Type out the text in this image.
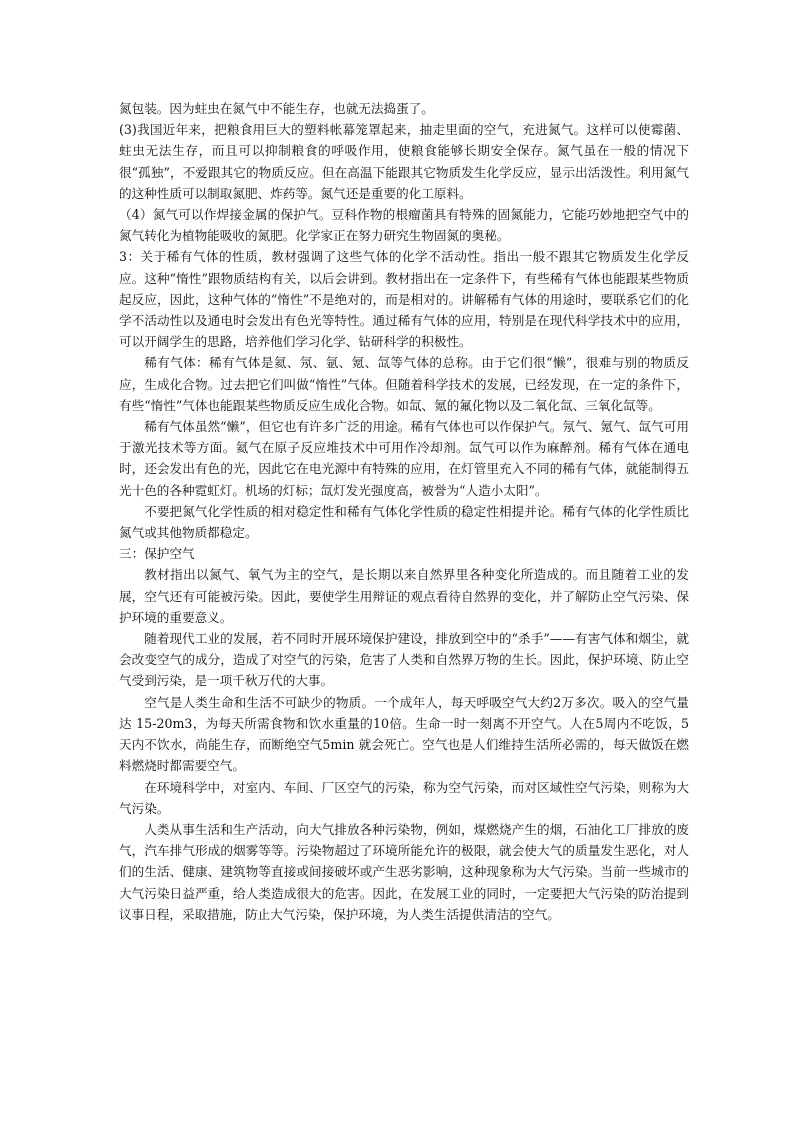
氮包装。因为蛀虫在氮气中不能生存，也就无法捣蛋了。

(3)我国近年来，把粮食用巨大的塑料帐幕笼罩起来，抽走里面的空气，充进氮气。这样可以使霉菌、蛀虫无法生存，而且可以抑制粮食的呼吸作用，使粮食能够长期安全保存。氮气虽在一般的情况下很“孤独”，不爱跟其它的物质反应。但在高温下能跟其它物质发生化学反应，显示出活泼性。利用氮气的这种性质可以制取氮肥、炸药等。氮气还是重要的化工原料。

（4）氮气可以作焊接金属的保护气。豆科作物的根瘤菌具有特殊的固氮能力，它能巧妙地把空气中的氮气转化为植物能吸收的氮肥。化学家正在努力研究生物固氮的奥秘。

3：关于稀有气体的性质，教材强调了这些气体的化学不活动性。指出一般不跟其它物质发生化学反应。这种“惰性”跟物质结构有关，以后会讲到。教材指出在一定条件下，有些稀有气体也能跟某些物质起反应，因此，这种气体的“惰性”不是绝对的，而是相对的。讲解稀有气体的用途时，要联系它们的化学不活动性以及通电时会发出有色光等特性。通过稀有气体的应用，特别是在现代科学技术中的应用，可以开阔学生的思路，培养他们学习化学、钻研科学的积极性。

稀有气体：稀有气体是氦、氖、氩、氪、氙等气体的总称。由于它们很“懒”，很难与别的物质反应，生成化合物。过去把它们叫做“惰性”气体。但随着科学技术的发展，已经发现，在一定的条件下，有些“惰性”气体也能跟某些物质反应生成化合物。如氙、氪的氟化物以及二氧化氙、三氧化氙等。

稀有气体虽然“懒”，但它也有许多广泛的用途。稀有气体也可以作保护气。氖气、氪气、氙气可用于激光技术等方面。氦气在原子反应堆技术中可用作冷却剂。氙气可以作为麻醉剂。稀有气体在通电时，还会发出有色的光，因此它在电光源中有特殊的应用，在灯管里充入不同的稀有气体，就能制得五光十色的各种霓虹灯。机场的灯标；氙灯发光强度高，被誉为“人造小太阳”。

不要把氮气化学性质的相对稳定性和稀有气体化学性质的稳定性相提并论。稀有气体的化学性质比氮气或其他物质都稳定。

三：保护空气

教材指出以氮气、氧气为主的空气，是长期以来自然界里各种变化所造成的。而且随着工业的发展，空气还有可能被污染。因此，要使学生用辩证的观点看待自然界的变化，并了解防止空气污染、保护环境的重要意义。

随着现代工业的发展，若不同时开展环境保护建设，排放到空中的“杀手”——有害气体和烟尘，就会改变空气的成分，造成了对空气的污染，危害了人类和自然界万物的生长。因此，保护环境、防止空气受到污染，是一项千秋万代的大事。

空气是人类生命和生活不可缺少的物质。一个成年人，每天呼吸空气大约2万多次。吸入的空气量达 15-20m3，为每天所需食物和饮水重量的10倍。生命一时一刻离不开空气。人在5周内不吃饭，5天内不饮水，尚能生存，而断绝空气5min 就会死亡。空气也是人们维持生活所必需的，每天做饭在燃料燃烧时都需要空气。

在环境科学中，对室内、车间、厂区空气的污染，称为空气污染，而对区域性空气污染，则称为大气污染。

人类从事生活和生产活动，向大气排放各种污染物，例如，煤燃烧产生的烟，石油化工厂排放的废气，汽车排气形成的烟雾等等。污染物超过了环境所能允许的极限，就会使大气的质量发生恶化，对人们的生活、健康、建筑物等直接或间接破坏或产生恶劣影响，这种现象称为大气污染。当前一些城市的大气污染日益严重，给人类造成很大的危害。因此，在发展工业的同时，一定要把大气污染的防治提到议事日程，采取措施，防止大气污染，保护环境，为人类生活提供清洁的空气。
